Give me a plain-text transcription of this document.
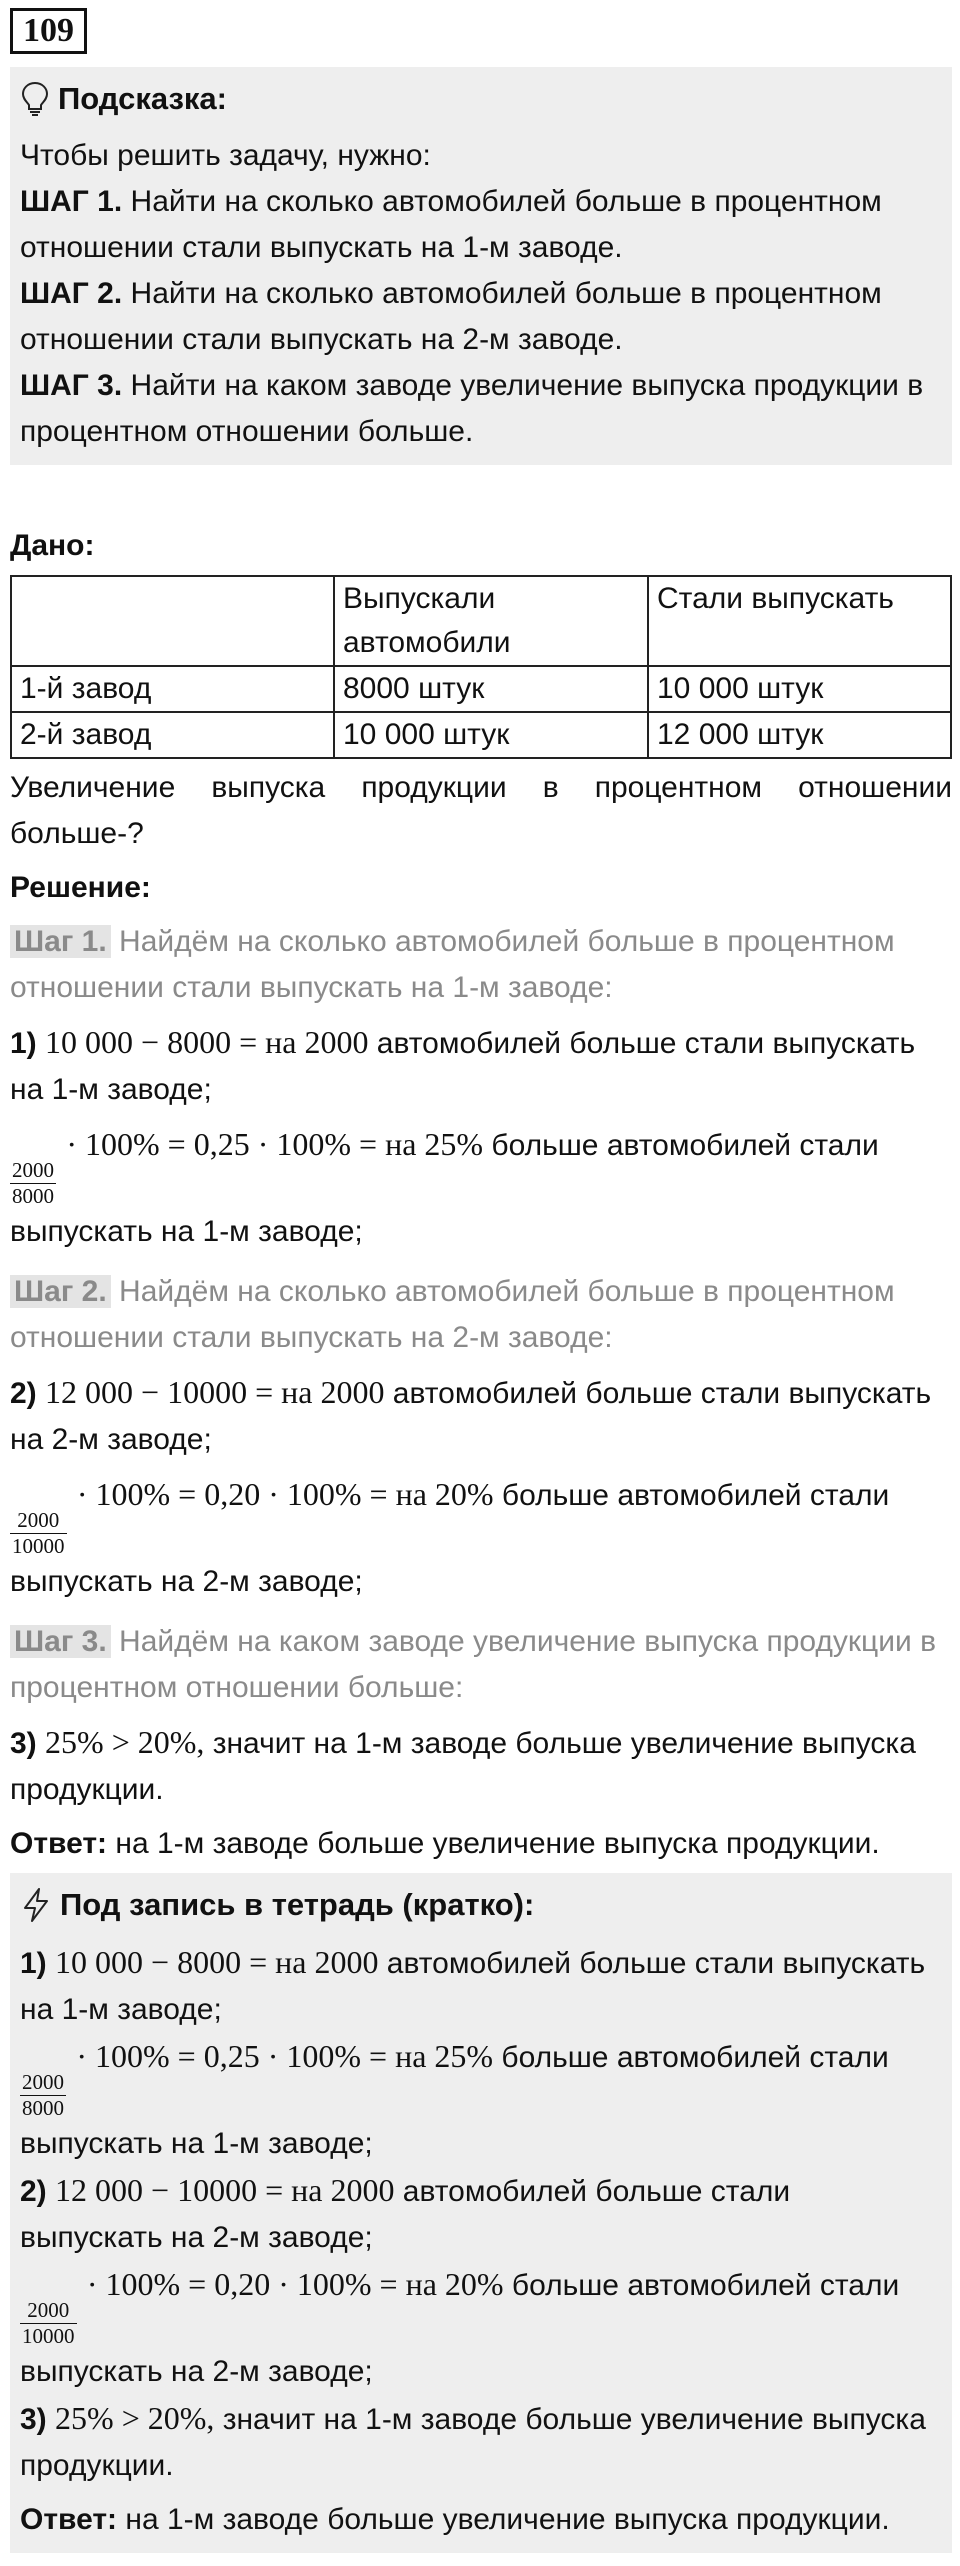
109
Подсказка:

Чтобы решить задачу, нужно:

ШАГ 1. Найти на сколько автомобилей больше в процентном отношении стали выпускать на 1-м заводе.

ШАГ 2. Найти на сколько автомобилей больше в процентном отношении стали выпускать на 2-м заводе.

ШАГ 3. Найти на каком заводе увеличение выпуска продукции в процентном отношении больше.

Дано:

	Выпускали автомобили	Стали выпускать
1-й завод	8000 штук	10 000 штук
2-й завод	10 000 штук	12 000 штук

Увеличение выпуска продукции в процентном отношении больше-?

Решение:

Шаг 1. Найдём на сколько автомобилей больше в процентном отношении стали выпускать на 1-м заводе:

1) 10 000 − 8000 = на 2000 автомобилей больше стали выпускать на 1-м заводе;

$\frac{2000}{8000}$
· 100% = 0,25 · 100% = на 25% больше автомобилей стали выпускать на 1-м заводе;

Шаг 2. Найдём на сколько автомобилей больше в процентном отношении стали выпускать на 2-м заводе:

2) 12 000 − 10000 = на 2000 автомобилей больше стали выпускать на 2-м заводе;

$\frac{2000}{10000}$
· 100% = 0,20 · 100% = на 20% больше автомобилей стали выпускать на 2-м заводе;

Шаг 3. Найдём на каком заводе увеличение выпуска продукции в процентном отношении больше:

3) 25% > 20%, значит на 1-м заводе больше увеличение выпуска продукции.

Ответ: на 1-м заводе больше увеличение выпуска продукции.

Под запись в тетрадь (кратко):

1) 10 000 − 8000 = на 2000 автомобилей больше стали выпускать на 1-м заводе;

$\frac{2000}{8000}$
· 100% = 0,25 · 100% = на 25% больше автомобилей стали выпускать на 1-м заводе;

2) 12 000 − 10000 = на 2000 автомобилей больше стали выпускать на 2-м заводе;

$\frac{2000}{10000}$
· 100% = 0,20 · 100% = на 20% больше автомобилей стали выпускать на 2-м заводе;

3) 25% > 20%, значит на 1-м заводе больше увеличение выпуска продукции.

Ответ: на 1-м заводе больше увеличение выпуска продукции.
